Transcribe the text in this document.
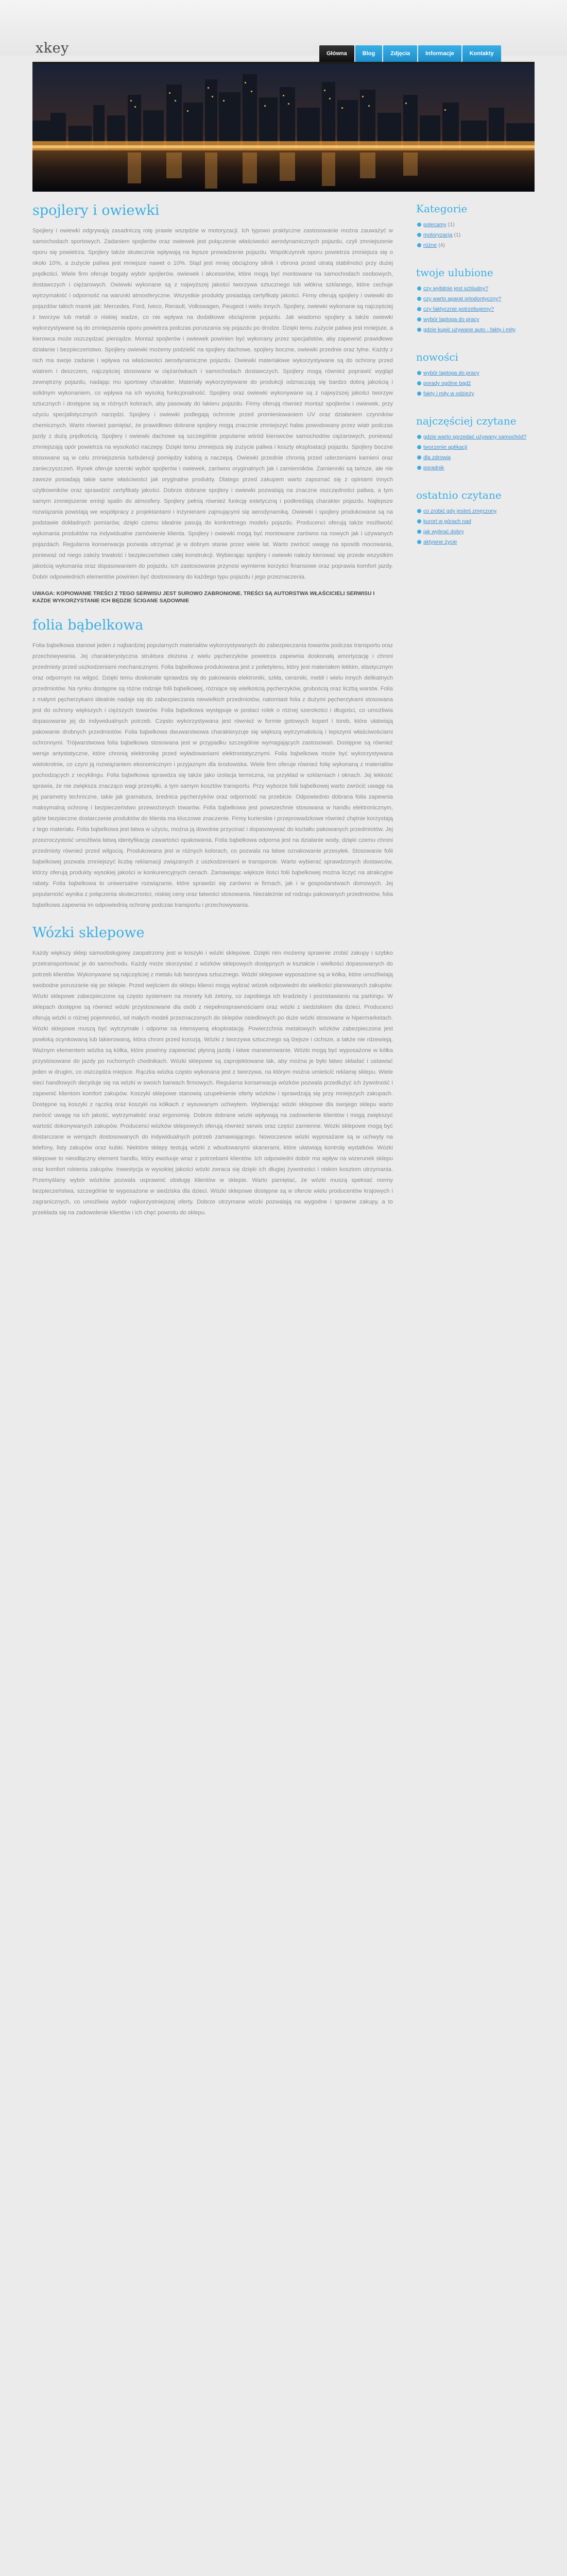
xkey	Główna	Blog	Zdjęcia	Informacje	Kontakty
spojlery i owiewki

Spojlery i owiewki odgrywają zasadniczą rolę prawie wszędzie w motoryzacji. Ich typowo praktyczne zastosowanie można zauważyć w samochodach sportowych. Zadaniem spojlerów oraz owiewek jest połączenie właściwości aerodynamicznych pojazdu, czyli zmniejszenie oporu się powietrza. Spojlery także skutecznie wpływają na lepsze prowadzenie pojazdu. Współczynnik oporu powietrza zmniejsza się o około 10%, a zużycie paliwa jest mniejsze nawet o 10%. Stąd jest mniej obciążony silnik i obrona przed utratą stabilności przy dużej prędkości. Wiele firm oferuje bogaty wybór spojlerów, owiewek i akcesoriów, które mogą być montowane na samochodach osobowych, dostawczych i ciężarowych. Owiewki wykonane są z najwyższej jakości tworzywa sztucznego lub włókna szklanego, które cechuje wytrzymałość i odporność na warunki atmosferyczne. Wszystkie produkty posiadają certyfikaty jakości. Firmy oferują spojlery i owiewki do pojazdów takich marek jak: Mercedes, Ford, Iveco, Renault, Volkswagen, Peugeot i wielu innych. Spojlery, owiewki wykonane są najczęściej z tworzyw lub metali o niskiej wadze, co nie wpływa na dodatkowe obciążenie pojazdu. Jak wiadomo spojlery a także owiewki wykorzystywane są do zmniejszenia oporu powietrza podczas poruszania się pojazdu po drodze. Dzięki temu zużycie paliwa jest mniejsze, a kierowca może oszczędzać pieniądze. Montaż spojlerów i owiewek powinien być wykonany przez specjalistów, aby zapewnić prawidłowe działanie i bezpieczeństwo. Spojlery owiewki możemy podzielić na spojlery dachowe, spojlery boczne, owiewki przednie oraz tylne. Każdy z nich ma swoje zadanie i wpływa na właściwości aerodynamiczne pojazdu. Owiewki materiałowe wykorzystywane są do ochrony przed wiatrem i deszczem, najczęściej stosowane w ciężarówkach i samochodach dostawczych. Spojlery mogą również poprawić wygląd zewnętrzny pojazdu, nadając mu sportowy charakter. Materiały wykorzystywane do produkcji odznaczają się bardzo dobrą jakością i solidnym wykonaniem, co wpływa na ich wysoką funkcjonalność. Spojlery oraz owiewki wykonywane są z najwyższej jakości tworzyw sztucznych i dostępne są w różnych kolorach, aby pasowały do lakieru pojazdu. Firmy oferują również montaż spojlerów i owiewek, przy użyciu specjalistycznych narzędzi. Spojlery i owiewki podlegają ochronie przed promieniowaniem UV oraz działaniem czynników chemicznych. Warto również pamiętać, że prawidłowo dobrane spojlery mogą znacznie zmniejszyć hałas powodowany przez wiatr podczas jazdy z dużą prędkością. Spojlery i owiewki dachowe są szczególnie popularne wśród kierowców samochodów ciężarowych, ponieważ zmniejszają opór powietrza na wysokości naczepy. Dzięki temu zmniejsza się zużycie paliwa i koszty eksploatacji pojazdu. Spojlery boczne stosowane są w celu zmniejszenia turbulencji pomiędzy kabiną a naczepą. Owiewki przednie chronią przed uderzeniami kamieni oraz zanieczyszczeń. Rynek oferuje szeroki wybór spojlerów i owiewek, zarówno oryginalnych jak i zamienników. Zamienniki są tańsze, ale nie zawsze posiadają takie same właściwości jak oryginalne produkty. Dlatego przed zakupem warto zapoznać się z opiniami innych użytkowników oraz sprawdzić certyfikaty jakości. Dobrze dobrane spojlery i owiewki pozwalają na znaczne oszczędności paliwa, a tym samym zmniejszenie emisji spalin do atmosfery. Spojlery pełnią również funkcję estetyczną i podkreślają charakter pojazdu. Najlepsze rozwiązania powstają we współpracy z projektantami i inżynierami zajmującymi się aerodynamiką. Owiewki i spojlery produkowane są na podstawie dokładnych pomiarów, dzięki czemu idealnie pasują do konkretnego modelu pojazdu. Producenci oferują także możliwość wykonania produktów na indywidualne zamówienie klienta. Spojlery i owiewki mogą być montowane zarówno na nowych jak i używanych pojazdach. Regularna konserwacja pozwala utrzymać je w dobrym stanie przez wiele lat. Warto zwrócić uwagę na sposób mocowania, ponieważ od niego zależy trwałość i bezpieczeństwo całej konstrukcji. Wybierając spojlery i owiewki należy kierować się przede wszystkim jakością wykonania oraz dopasowaniem do pojazdu. Ich zastosowanie przynosi wymierne korzyści finansowe oraz poprawia komfort jazdy. Dobór odpowiednich elementów powinien być dostosowany do każdego typu pojazdu i jego przeznaczenia.

UWAGA: KOPIOWANIE TREŚCI Z TEGO SERWISU JEST SUROWO ZABRONIONE. TREŚCI SĄ AUTORSTWA WŁAŚCICIELI SERWISU I KAŻDE WYKORZYSTANIE ICH BĘDZIE ŚCIGANE SĄDOWNIE

folia bąbelkowa

Folia bąbelkowa stanowi jeden z najbardziej popularnych materiałów wykorzystywanych do zabezpieczania towarów podczas transportu oraz przechowywania. Jej charakterystyczna struktura złożona z wielu pęcherzyków powietrza zapewnia doskonałą amortyzację i chroni przedmioty przed uszkodzeniami mechanicznymi. Folia bąbelkowa produkowana jest z polietylenu, który jest materiałem lekkim, elastycznym oraz odpornym na wilgoć. Dzięki temu doskonale sprawdza się do pakowania elektroniki, szkła, ceramiki, mebli i wielu innych delikatnych przedmiotów. Na rynku dostępne są różne rodzaje folii bąbelkowej, różniące się wielkością pęcherzyków, grubością oraz liczbą warstw. Folia z małymi pęcherzykami idealnie nadaje się do zabezpieczania niewielkich przedmiotów, natomiast folia z dużymi pęcherzykami stosowana jest do ochrony większych i cięższych towarów. Folia bąbelkowa występuje w postaci rolek o różnej szerokości i długości, co umożliwia dopasowanie jej do indywidualnych potrzeb. Często wykorzystywana jest również w formie gotowych kopert i toreb, które ułatwiają pakowanie drobnych przedmiotów. Folia bąbelkowa dwuwarstwowa charakteryzuje się większą wytrzymałością i lepszymi właściwościami ochronnymi. Trójwarstwowa folia bąbelkowa stosowana jest w przypadku szczególnie wymagających zastosowań. Dostępne są również wersje antystatyczne, które chronią elektronikę przed wyładowaniami elektrostatycznymi. Folia bąbelkowa może być wykorzystywana wielokrotnie, co czyni ją rozwiązaniem ekonomicznym i przyjaznym dla środowiska. Wiele firm oferuje również folię wykonaną z materiałów pochodzących z recyklingu. Folia bąbelkowa sprawdza się także jako izolacja termiczna, na przykład w szklarniach i oknach. Jej lekkość sprawia, że nie zwiększa znacząco wagi przesyłki, a tym samym kosztów transportu. Przy wyborze folii bąbelkowej warto zwrócić uwagę na jej parametry techniczne, takie jak gramatura, średnica pęcherzyków oraz odporność na przebicie. Odpowiednio dobrana folia zapewnia maksymalną ochronę i bezpieczeństwo przewożonych towarów. Folia bąbelkowa jest powszechnie stosowana w handlu elektronicznym, gdzie bezpieczne dostarczenie produktów do klienta ma kluczowe znaczenie. Firmy kurierskie i przeprowadzkowe również chętnie korzystają z tego materiału. Folia bąbelkowa jest łatwa w użyciu, można ją dowolnie przycinać i dopasowywać do kształtu pakowanych przedmiotów. Jej przezroczystość umożliwia łatwą identyfikację zawartości opakowania. Folia bąbelkowa odporna jest na działanie wody, dzięki czemu chroni przedmioty również przed wilgocią. Produkowana jest w różnych kolorach, co pozwala na łatwe oznakowanie przesyłek. Stosowanie folii bąbelkowej pozwala zmniejszyć liczbę reklamacji związanych z uszkodzeniami w transporcie. Warto wybierać sprawdzonych dostawców, którzy oferują produkty wysokiej jakości w konkurencyjnych cenach. Zamawiając większe ilości folii bąbelkowej można liczyć na atrakcyjne rabaty. Folia bąbelkowa to uniwersalne rozwiązanie, które sprawdzi się zarówno w firmach, jak i w gospodarstwach domowych. Jej popularność wynika z połączenia skuteczności, niskiej ceny oraz łatwości stosowania. Niezależnie od rodzaju pakowanych przedmiotów, folia bąbelkowa zapewnia im odpowiednią ochronę podczas transportu i przechowywania.

Wózki sklepowe

Każdy większy sklep samoobsługowy zaopatrzony jest w koszyki i wózki sklepowe. Dzięki nim możemy sprawnie zrobić zakupy i szybko przetransportować je do samochodu. Każdy może skorzystać z wózków sklepowych dostępnych w kształcie i wielkości dopasowanych do potrzeb klientów. Wykonywane są najczęściej z metalu lub tworzywa sztucznego. Wózki sklepowe wyposażone są w kółka, które umożliwiają swobodne poruszanie się po sklepie. Przed wejściem do sklepu klienci mogą wybrać wózek odpowiedni do wielkości planowanych zakupów. Wózki sklepowe zabezpieczone są często systemem na monety lub żetony, co zapobiega ich kradzieży i pozostawianiu na parkingu. W sklepach dostępne są również wózki przystosowane dla osób z niepełnosprawnościami oraz wózki z siedziskiem dla dzieci. Producenci oferują wózki o różnej pojemności, od małych modeli przeznaczonych do sklepów osiedlowych po duże wózki stosowane w hipermarketach. Wózki sklepowe muszą być wytrzymałe i odporne na intensywną eksploatację. Powierzchnia metalowych wózków zabezpieczona jest powłoką ocynkowaną lub lakierowaną, która chroni przed korozją. Wózki z tworzywa sztucznego są lżejsze i cichsze, a także nie rdzewieją. Ważnym elementem wózka są kółka, które powinny zapewniać płynną jazdę i łatwe manewrowanie. Wózki mogą być wyposażone w kółka przystosowane do jazdy po ruchomych chodnikach. Wózki sklepowe są zaprojektowane tak, aby można je było łatwo składać i ustawiać jeden w drugim, co oszczędza miejsce. Rączka wózka często wykonana jest z tworzywa, na którym można umieścić reklamę sklepu. Wiele sieci handlowych decyduje się na wózki w swoich barwach firmowych. Regularna konserwacja wózków pozwala przedłużyć ich żywotność i zapewnić klientom komfort zakupów. Koszyki sklepowe stanowią uzupełnienie oferty wózków i sprawdzają się przy mniejszych zakupach. Dostępne są koszyki z rączką oraz koszyki na kółkach z wysuwanym uchwytem. Wybierając wózki sklepowe dla swojego sklepu warto zwrócić uwagę na ich jakość, wytrzymałość oraz ergonomię. Dobrze dobrane wózki wpływają na zadowolenie klientów i mogą zwiększyć wartość dokonywanych zakupów. Producenci wózków sklepowych oferują również serwis oraz części zamienne. Wózki sklepowe mogą być dostarczane w wersjach dostosowanych do indywidualnych potrzeb zamawiającego. Nowoczesne wózki wyposażane są w uchwyty na telefony, listy zakupów oraz kubki. Niektóre sklepy testują wózki z wbudowanymi skanerami, które ułatwiają kontrolę wydatków. Wózki sklepowe to nieodłączny element handlu, który ewoluuje wraz z potrzebami klientów. Ich odpowiedni dobór ma wpływ na wizerunek sklepu oraz komfort robienia zakupów. Inwestycja w wysokiej jakości wózki zwraca się dzięki ich długiej żywotności i niskim kosztom utrzymania. Przemyślany wybór wózków pozwala usprawnić obsługę klientów w sklepie. Warto pamiętać, że wózki muszą spełniać normy bezpieczeństwa, szczególnie te wyposażone w siedziska dla dzieci. Wózki sklepowe dostępne są w ofercie wielu producentów krajowych i zagranicznych, co umożliwia wybór najkorzystniejszej oferty. Dobrze utrzymane wózki pozwalają na wygodne i sprawne zakupy, a to przekłada się na zadowolenie klientów i ich chęć powrotu do sklepu.

Kategorie
polecamy (1)
motoryzacja (1)
różne (4)
twoje ulubione
czy wybitnie jest schludny?
czy warto aparat ortodontyczny?
czy faktycznie potrzebujemy?
wybór laptopa do pracy
gdzie kupić używane auto - fakty i mity
nowości
wybór laptopa do pracy
porady ogólne bądź
fakty i mity w odzieży
najczęściej czytane
gdzie warto sprzedać używany samochód?
tworzenie aplikacji
dla zdrowia
poradnik
ostatnio czytane
co zrobić gdy jesteś zmęczony
kurort w górach nad
jak wybrać dobry
aktywne życie
